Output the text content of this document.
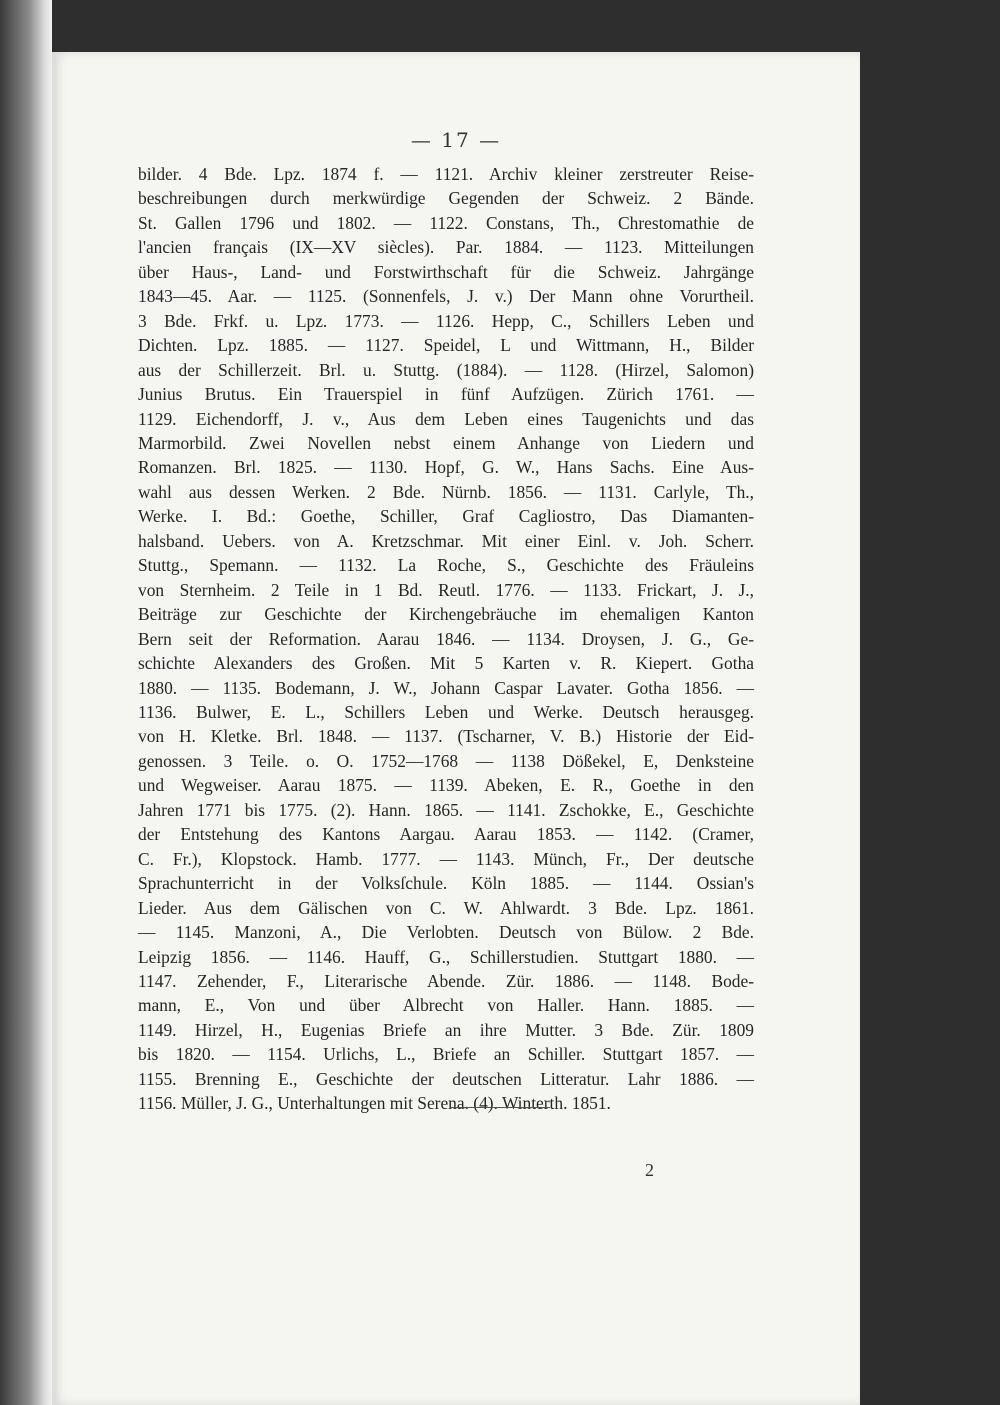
— 17 —
bilder. 4 Bde. Lpz. 1874 f. — 1121. Archiv kleiner zerstreuter Reise-
beschreibungen durch merkwürdige Gegenden der Schweiz. 2 Bände.
St. Gallen 1796 und 1802. — 1122. Constans, Th., Chrestomathie de
l'ancien français (IX—XV siècles). Par. 1884. — 1123. Mitteilungen
über Haus-, Land- und Forstwirthschaft für die Schweiz. Jahrgänge
1843—45. Aar. — 1125. (Sonnenfels, J. v.) Der Mann ohne Vorurtheil.
3 Bde. Frkf. u. Lpz. 1773. — 1126. Hepp, C., Schillers Leben und
Dichten. Lpz. 1885. — 1127. Speidel, L und Wittmann, H., Bilder
aus der Schillerzeit. Brl. u. Stuttg. (1884). — 1128. (Hirzel, Salomon)
Junius Brutus. Ein Trauerspiel in fünf Aufzügen. Zürich 1761. —
1129. Eichendorff, J. v., Aus dem Leben eines Taugenichts und das
Marmorbild. Zwei Novellen nebst einem Anhange von Liedern und
Romanzen. Brl. 1825. — 1130. Hopf, G. W., Hans Sachs. Eine Aus-
wahl aus dessen Werken. 2 Bde. Nürnb. 1856. — 1131. Carlyle, Th.,
Werke. I. Bd.: Goethe, Schiller, Graf Cagliostro, Das Diamanten-
halsband. Uebers. von A. Kretzschmar. Mit einer Einl. v. Joh. Scherr.
Stuttg., Spemann. — 1132. La Roche, S., Geschichte des Fräuleins
von Sternheim. 2 Teile in 1 Bd. Reutl. 1776. — 1133. Frickart, J. J.,
Beiträge zur Geschichte der Kirchengebräuche im ehemaligen Kanton
Bern seit der Reformation. Aarau 1846. — 1134. Droysen, J. G., Ge-
schichte Alexanders des Großen. Mit 5 Karten v. R. Kiepert. Gotha
1880. — 1135. Bodemann, J. W., Johann Caspar Lavater. Gotha 1856. —
1136. Bulwer, E. L., Schillers Leben und Werke. Deutsch herausgeg.
von H. Kletke. Brl. 1848. — 1137. (Tscharner, V. B.) Historie der Eid-
genossen. 3 Teile. o. O. 1752—1768 — 1138 Dößekel, E, Denksteine
und Wegweiser. Aarau 1875. — 1139. Abeken, E. R., Goethe in den
Jahren 1771 bis 1775. (2). Hann. 1865. — 1141. Zschokke, E., Geschichte
der Entstehung des Kantons Aargau. Aarau 1853. — 1142. (Cramer,
C. Fr.), Klopstock. Hamb. 1777. — 1143. Münch, Fr., Der deutsche
Sprachunterricht in der Volksſchule. Köln 1885. — 1144. Ossian's
Lieder. Aus dem Gälischen von C. W. Ahlwardt. 3 Bde. Lpz. 1861.
— 1145. Manzoni, A., Die Verlobten. Deutsch von Bülow. 2 Bde.
Leipzig 1856. — 1146. Hauff, G., Schillerstudien. Stuttgart 1880. —
1147. Zehender, F., Literarische Abende. Zür. 1886. — 1148. Bode-
mann, E., Von und über Albrecht von Haller. Hann. 1885. —
1149. Hirzel, H., Eugenias Briefe an ihre Mutter. 3 Bde. Zür. 1809
bis 1820. — 1154. Urlichs, L., Briefe an Schiller. Stuttgart 1857. —
1155. Brenning E., Geschichte der deutschen Litteratur. Lahr 1886. —
1156. Müller, J. G., Unterhaltungen mit Serena. (4). Winterth. 1851.
2
